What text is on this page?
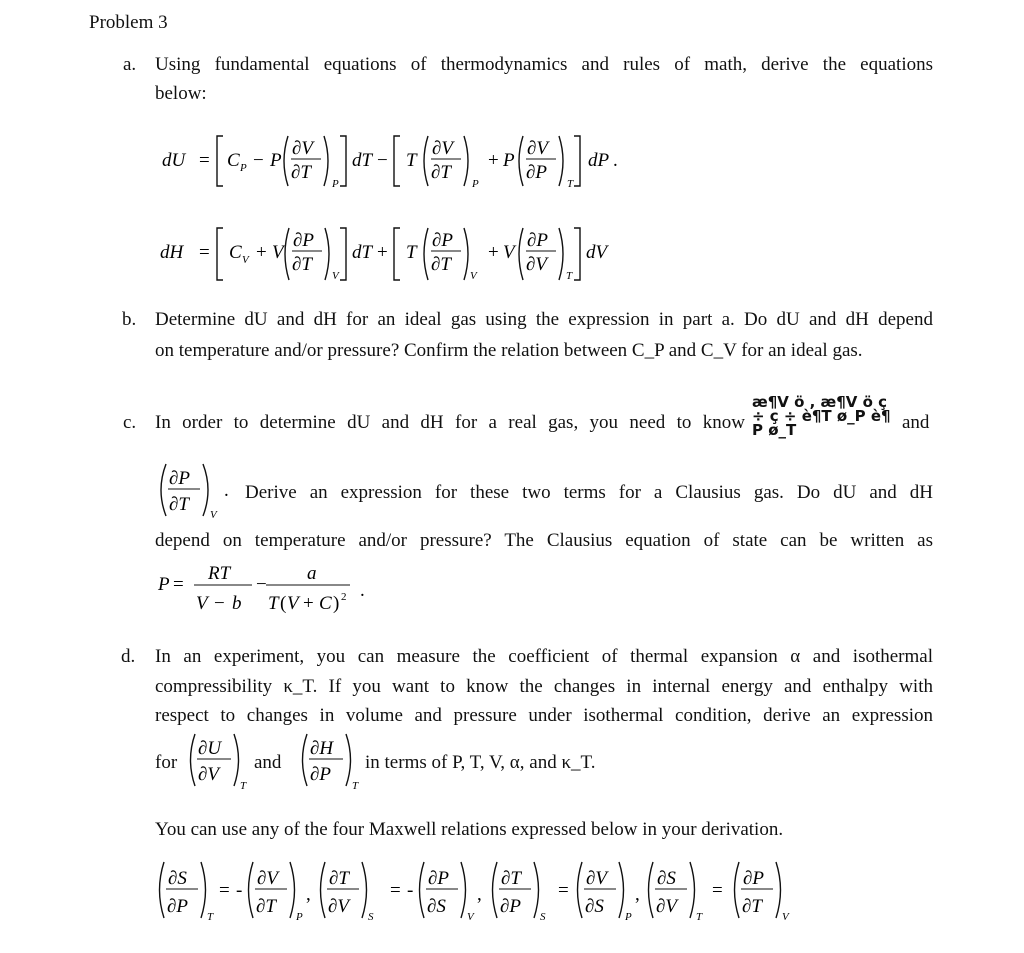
Problem 3
a. Using fundamental equations of thermodynamics and rules of math, derive the equations
below:
dU = C P − P
∂V
∂T
P
dT − T
∂V
∂T
P
+ P
∂V
∂P
T
dP .
dH = C V + V
∂P
∂T
V
dT + T
∂P
∂T
V
+ V
∂P
∂V
T
dV
b. Determine dU and dH for an ideal gas using the expression in part a. Do dU and dH depend
on temperature and/or pressure? Confirm the relation between C_P and C_V for an ideal gas.
c. In order to determine dU and dH for a real gas, you need to know
æ¶V ö , æ¶V ö ç ÷ ç ÷ è¶T ø_P è¶P ø_T	and
∂P
∂T V
. Derive an expression for these two terms for a Clausius gas. Do dU and dH
depend on temperature and/or pressure? The Clausius equation of state can be written as
P =
RT
V − b
−
a
T ( V + C ) 2 .
d. In an experiment, you can measure the coefficient of thermal expansion α and isothermal
compressibility κ_T. If you want to know the changes in internal energy and enthalpy with
respect to changes in volume and pressure under isothermal condition, derive an expression
for
∂U
∂V
T
and
∂H
∂P
T
in terms of P, T, V, α, and κ_T.
You can use any of the four Maxwell relations expressed below in your derivation.
∂S
∂P T
= -
∂V
∂T P
,
∂T
∂V S
= -
∂P
∂S V
,
∂T
∂P S
=
∂V
∂S P
,
∂S
∂V T
=
∂P
∂T V
